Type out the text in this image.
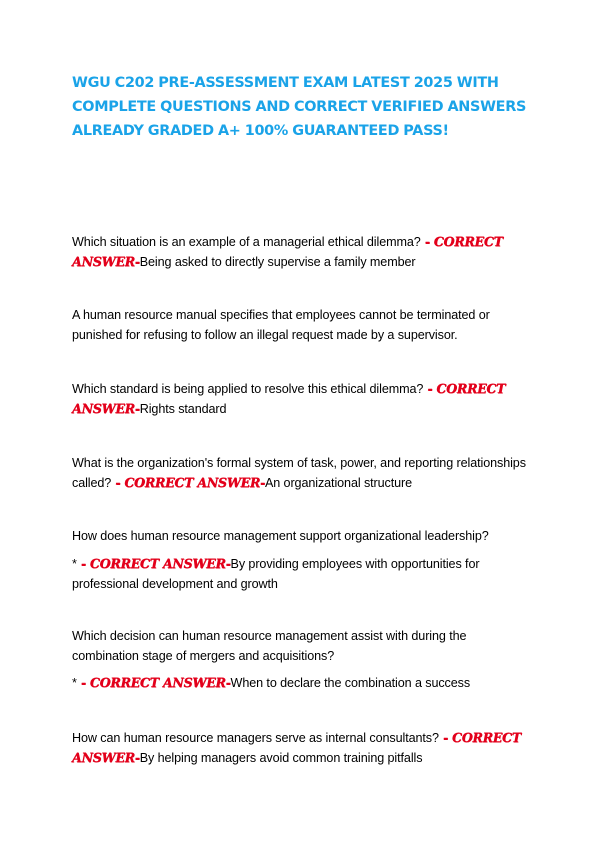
WGU C202 PRE-ASSESSMENT EXAM LATEST 2025 WITH COMPLETE QUESTIONS AND CORRECT VERIFIED ANSWERS ALREADY GRADED A+ 100% GUARANTEED PASS!
Which situation is an example of a managerial ethical dilemma? - CORRECT ANSWER-Being asked to directly supervise a family member
A human resource manual specifies that employees cannot be terminated or punished for refusing to follow an illegal request made by a supervisor.
Which standard is being applied to resolve this ethical dilemma? - CORRECT ANSWER-Rights standard
What is the organization's formal system of task, power, and reporting relationships called? - CORRECT ANSWER-An organizational structure
How does human resource management support organizational leadership?
* - CORRECT ANSWER-By providing employees with opportunities for professional development and growth
Which decision can human resource management assist with during the combination stage of mergers and acquisitions?
* - CORRECT ANSWER-When to declare the combination a success
How can human resource managers serve as internal consultants? - CORRECT ANSWER-By helping managers avoid common training pitfalls
